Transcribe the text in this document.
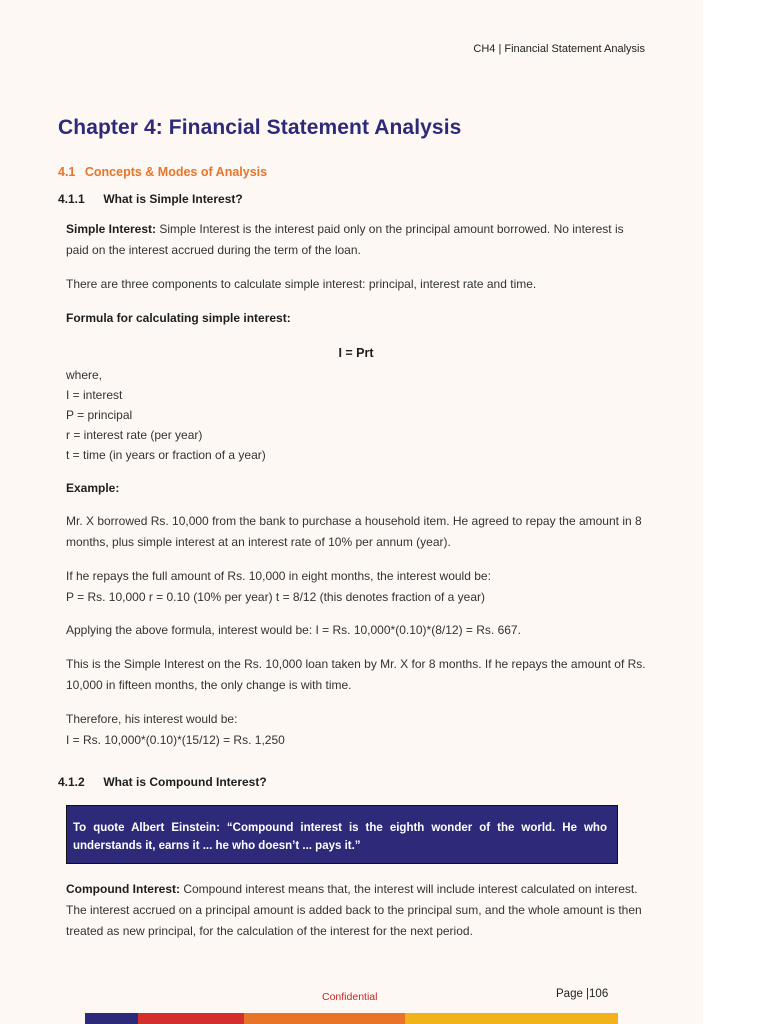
CH4 | Financial Statement Analysis
Chapter 4: Financial Statement Analysis
4.1 Concepts & Modes of Analysis
4.1.1 What is Simple Interest?

Simple Interest: Simple Interest is the interest paid only on the principal amount borrowed. No interest is paid on the interest accrued during the term of the loan.

There are three components to calculate simple interest: principal, interest rate and time.

Formula for calculating simple interest:

I = Prt
where,
I = interest
P = principal
r = interest rate (per year)
t = time (in years or fraction of a year)

Example:

Mr. X borrowed Rs. 10,000 from the bank to purchase a household item. He agreed to repay the amount in 8 months, plus simple interest at an interest rate of 10% per annum (year).

If he repays the full amount of Rs. 10,000 in eight months, the interest would be:
P = Rs. 10,000 r = 0.10 (10% per year) t = 8/12 (this denotes fraction of a year)

Applying the above formula, interest would be: I = Rs. 10,000*(0.10)*(8/12) = Rs. 667.

This is the Simple Interest on the Rs. 10,000 loan taken by Mr. X for 8 months. If he repays the amount of Rs. 10,000 in fifteen months, the only change is with time.

Therefore, his interest would be:
I = Rs. 10,000*(0.10)*(15/12) = Rs. 1,250
4.1.2 What is Compound Interest?
To quote Albert Einstein: “Compound interest is the eighth wonder of the world. He who understands it, earns it ... he who doesn’t ... pays it.”

Compound Interest: Compound interest means that, the interest will include interest calculated on interest. The interest accrued on a principal amount is added back to the principal sum, and the whole amount is then treated as new principal, for the calculation of the interest for the next period.

Confidential	Page |106
